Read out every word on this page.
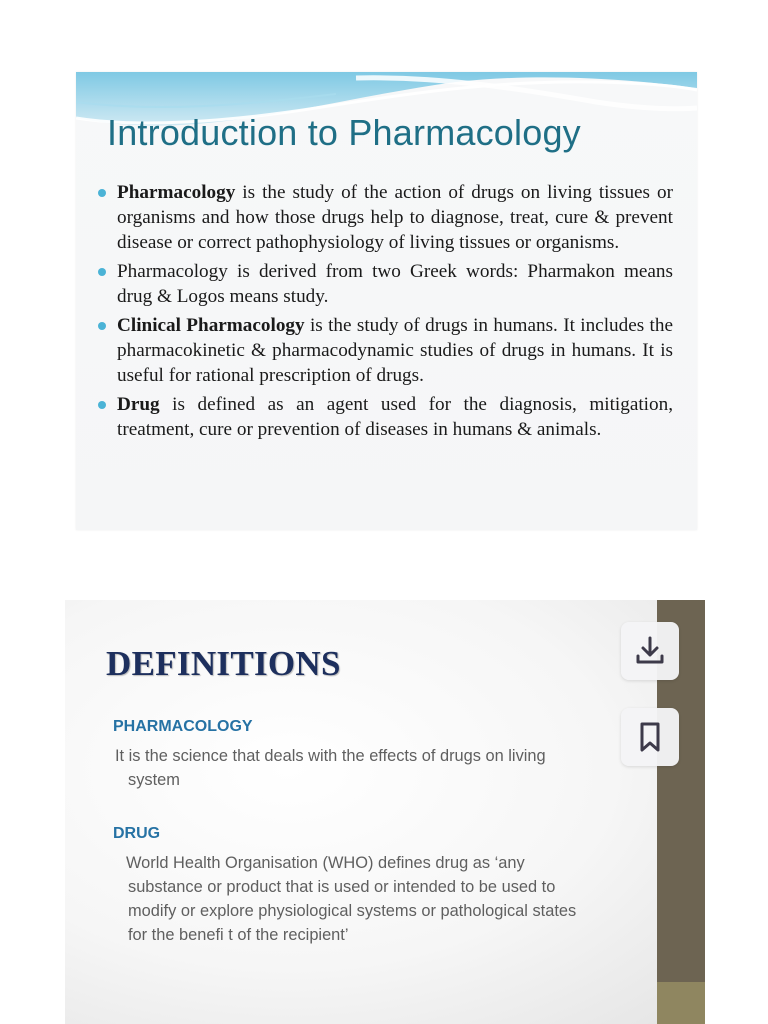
Introduction to Pharmacology
Pharmacology is the study of the action of drugs on living tissues or organisms and how those drugs help to diagnose, treat, cure & prevent disease or correct pathophysiology of living tissues or organisms.
Pharmacology is derived from two Greek words: Pharmakon means drug & Logos means study.
Clinical Pharmacology is the study of drugs in humans. It includes the pharmacokinetic & pharmacodynamic studies of drugs in humans. It is useful for rational prescription of drugs.
Drug is defined as an agent used for the diagnosis, mitigation, treatment, cure or prevention of diseases in humans & animals.
DEFINITIONS
PHARMACOLOGY
It is the science that deals with the effects of drugs on living
system
DRUG
World Health Organisation (WHO) defines drug as ‘any
substance or product that is used or intended to be used to
modify or explore physiological systems or pathological states
for the benefi t of the recipient’
